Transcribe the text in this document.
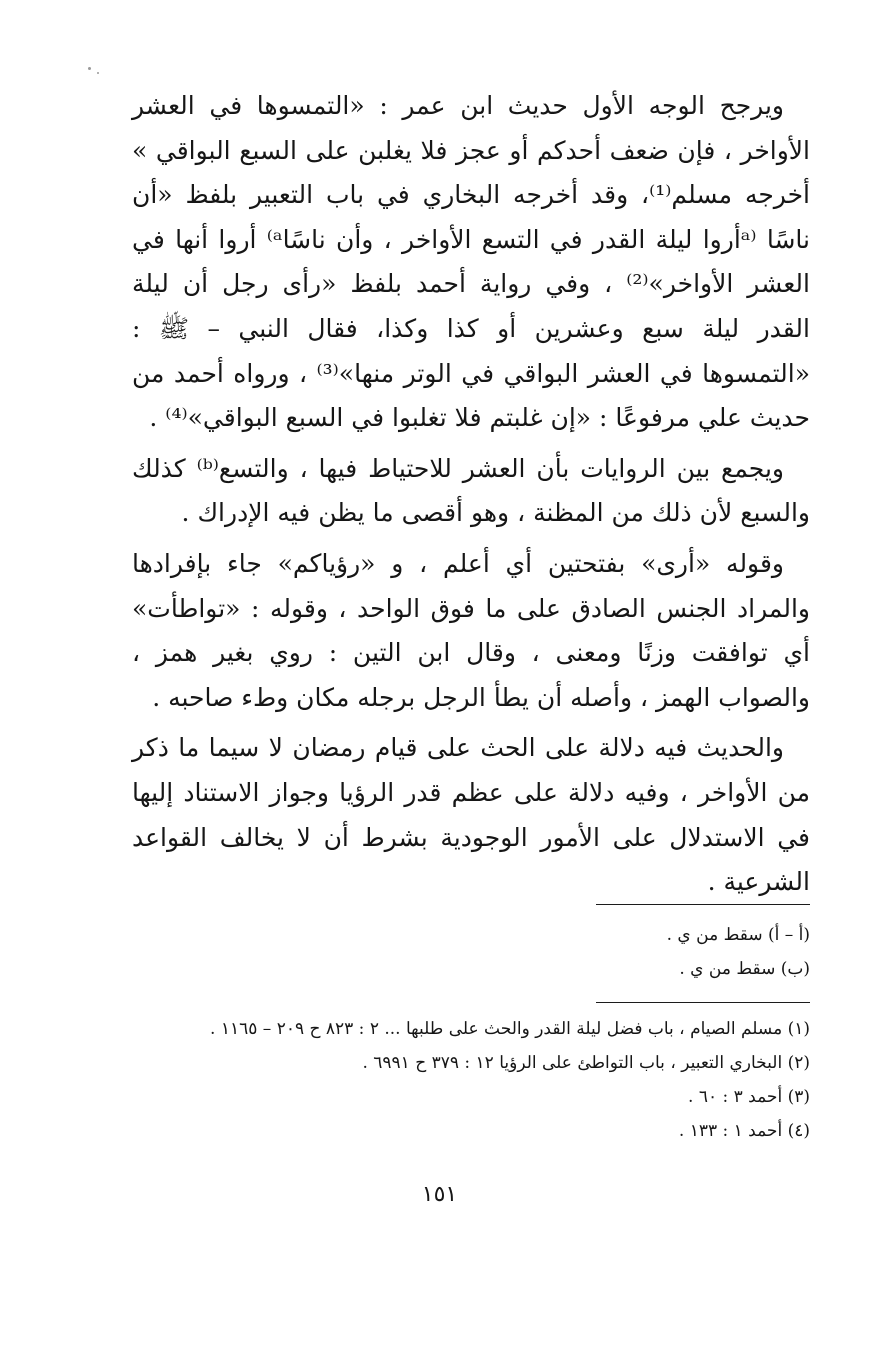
ويرجح الوجه الأول حديث ابن عمر : «التمسوها في العشر الأواخر ، فإن ضعف أحدكم أو عجز فلا يغلبن على السبع البواقي » أخرجه مسلم⁽¹⁾، وقد أخرجه البخاري في باب التعبير بلفظ «أن ناسًا ⁽ᵃأروا ليلة القدر في التسع الأواخر ، وأن ناسًاᵃ⁾ أروا أنها في العشر الأواخر»⁽²⁾ ، وفي رواية أحمد بلفظ «رأى رجل أن ليلة القدر ليلة سبع وعشرين أو كذا وكذا، فقال النبي – ﷺ : «التمسوها في العشر البواقي في الوتر منها»⁽³⁾ ، ورواه أحمد من حديث علي مرفوعًا : «إن غلبتم فلا تغلبوا في السبع البواقي»⁽⁴⁾ .

ويجمع بين الروايات بأن العشر للاحتياط فيها ، والتسع⁽ᵇ⁾ كذلك والسبع لأن ذلك من المظنة ، وهو أقصى ما يظن فيه الإدراك .

وقوله «أرى» بفتحتين أي أعلم ، و «رؤياكم» جاء بإفرادها والمراد الجنس الصادق على ما فوق الواحد ، وقوله : «تواطأت» أي توافقت وزنًا ومعنى ، وقال ابن التين : روي بغير همز ، والصواب الهمز ، وأصله أن يطأ الرجل برجله مكان وطء صاحبه .

والحديث فيه دلالة على الحث على قيام رمضان لا سيما ما ذكر من الأواخر ، وفيه دلالة على عظم قدر الرؤيا وجواز الاستناد إليها في الاستدلال على الأمور الوجودية بشرط أن لا يخالف القواعد الشرعية .

(أ – أ) سقط من ي .

(ب) سقط من ي .

(١) مسلم الصيام ، باب فضل ليلة القدر والحث على طلبها ... ٢ : ٨٢٣ ح ٢٠٩ – ١١٦٥ .

(٢) البخاري التعبير ، باب التواطئ على الرؤيا ١٢ : ٣٧٩ ح ٦٩٩١ .

(٣) أحمد ٣ : ٦٠ .

(٤) أحمد ١ : ١٣٣ .

١٥١
